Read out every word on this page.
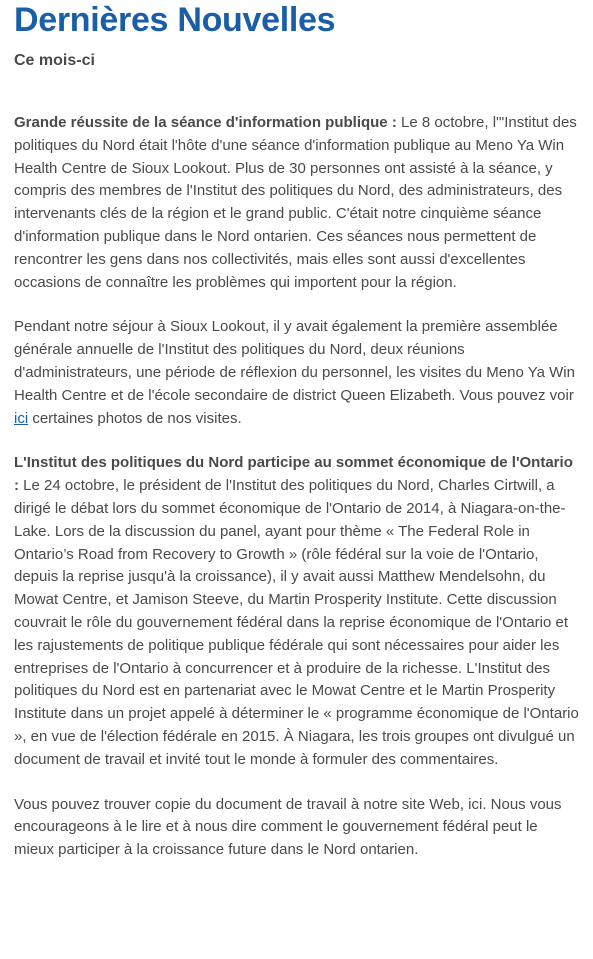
Dernières Nouvelles
Ce mois-ci

Grande réussite de la séance d'information publique : Le 8 octobre, l'"Institut des politiques du Nord était l'hôte d'une séance d'information publique au Meno Ya Win Health Centre de Sioux Lookout. Plus de 30 personnes ont assisté à la séance, y compris des membres de l'Institut des politiques du Nord, des administrateurs, des intervenants clés de la région et le grand public. C'était notre cinquième séance d'information publique dans le Nord ontarien. Ces séances nous permettent de rencontrer les gens dans nos collectivités, mais elles sont aussi d'excellentes occasions de connaître les problèmes qui importent pour la région.

Pendant notre séjour à Sioux Lookout, il y avait également la première assemblée générale annuelle de l'Institut des politiques du Nord, deux réunions d'administrateurs, une période de réflexion du personnel, les visites du Meno Ya Win Health Centre et de l'école secondaire de district Queen Elizabeth. Vous pouvez voir ici certaines photos de nos visites.

L'Institut des politiques du Nord participe au sommet économique de l'Ontario : Le 24 octobre, le président de l'Institut des politiques du Nord, Charles Cirtwill, a dirigé le débat lors du sommet économique de l'Ontario de 2014, à Niagara-on-the-Lake. Lors de la discussion du panel, ayant pour thème « The Federal Role in Ontario’s Road from Recovery to Growth » (rôle fédéral sur la voie de l'Ontario, depuis la reprise jusqu'à la croissance), il y avait aussi Matthew Mendelsohn, du Mowat Centre, et Jamison Steeve, du Martin Prosperity Institute. Cette discussion couvrait le rôle du gouvernement fédéral dans la reprise économique de l'Ontario et les rajustements de politique publique fédérale qui sont nécessaires pour aider les entreprises de l'Ontario à concurrencer et à produire de la richesse. L'Institut des politiques du Nord est en partenariat avec le Mowat Centre et le Martin Prosperity Institute dans un projet appelé à déterminer le « programme économique de l'Ontario », en vue de l'élection fédérale en 2015. À Niagara, les trois groupes ont divulgué un document de travail et invité tout le monde à formuler des commentaires.

Vous pouvez trouver copie du document de travail à notre site Web, ici. Nous vous encourageons à le lire et à nous dire comment le gouvernement fédéral peut le mieux participer à la croissance future dans le Nord ontarien.
